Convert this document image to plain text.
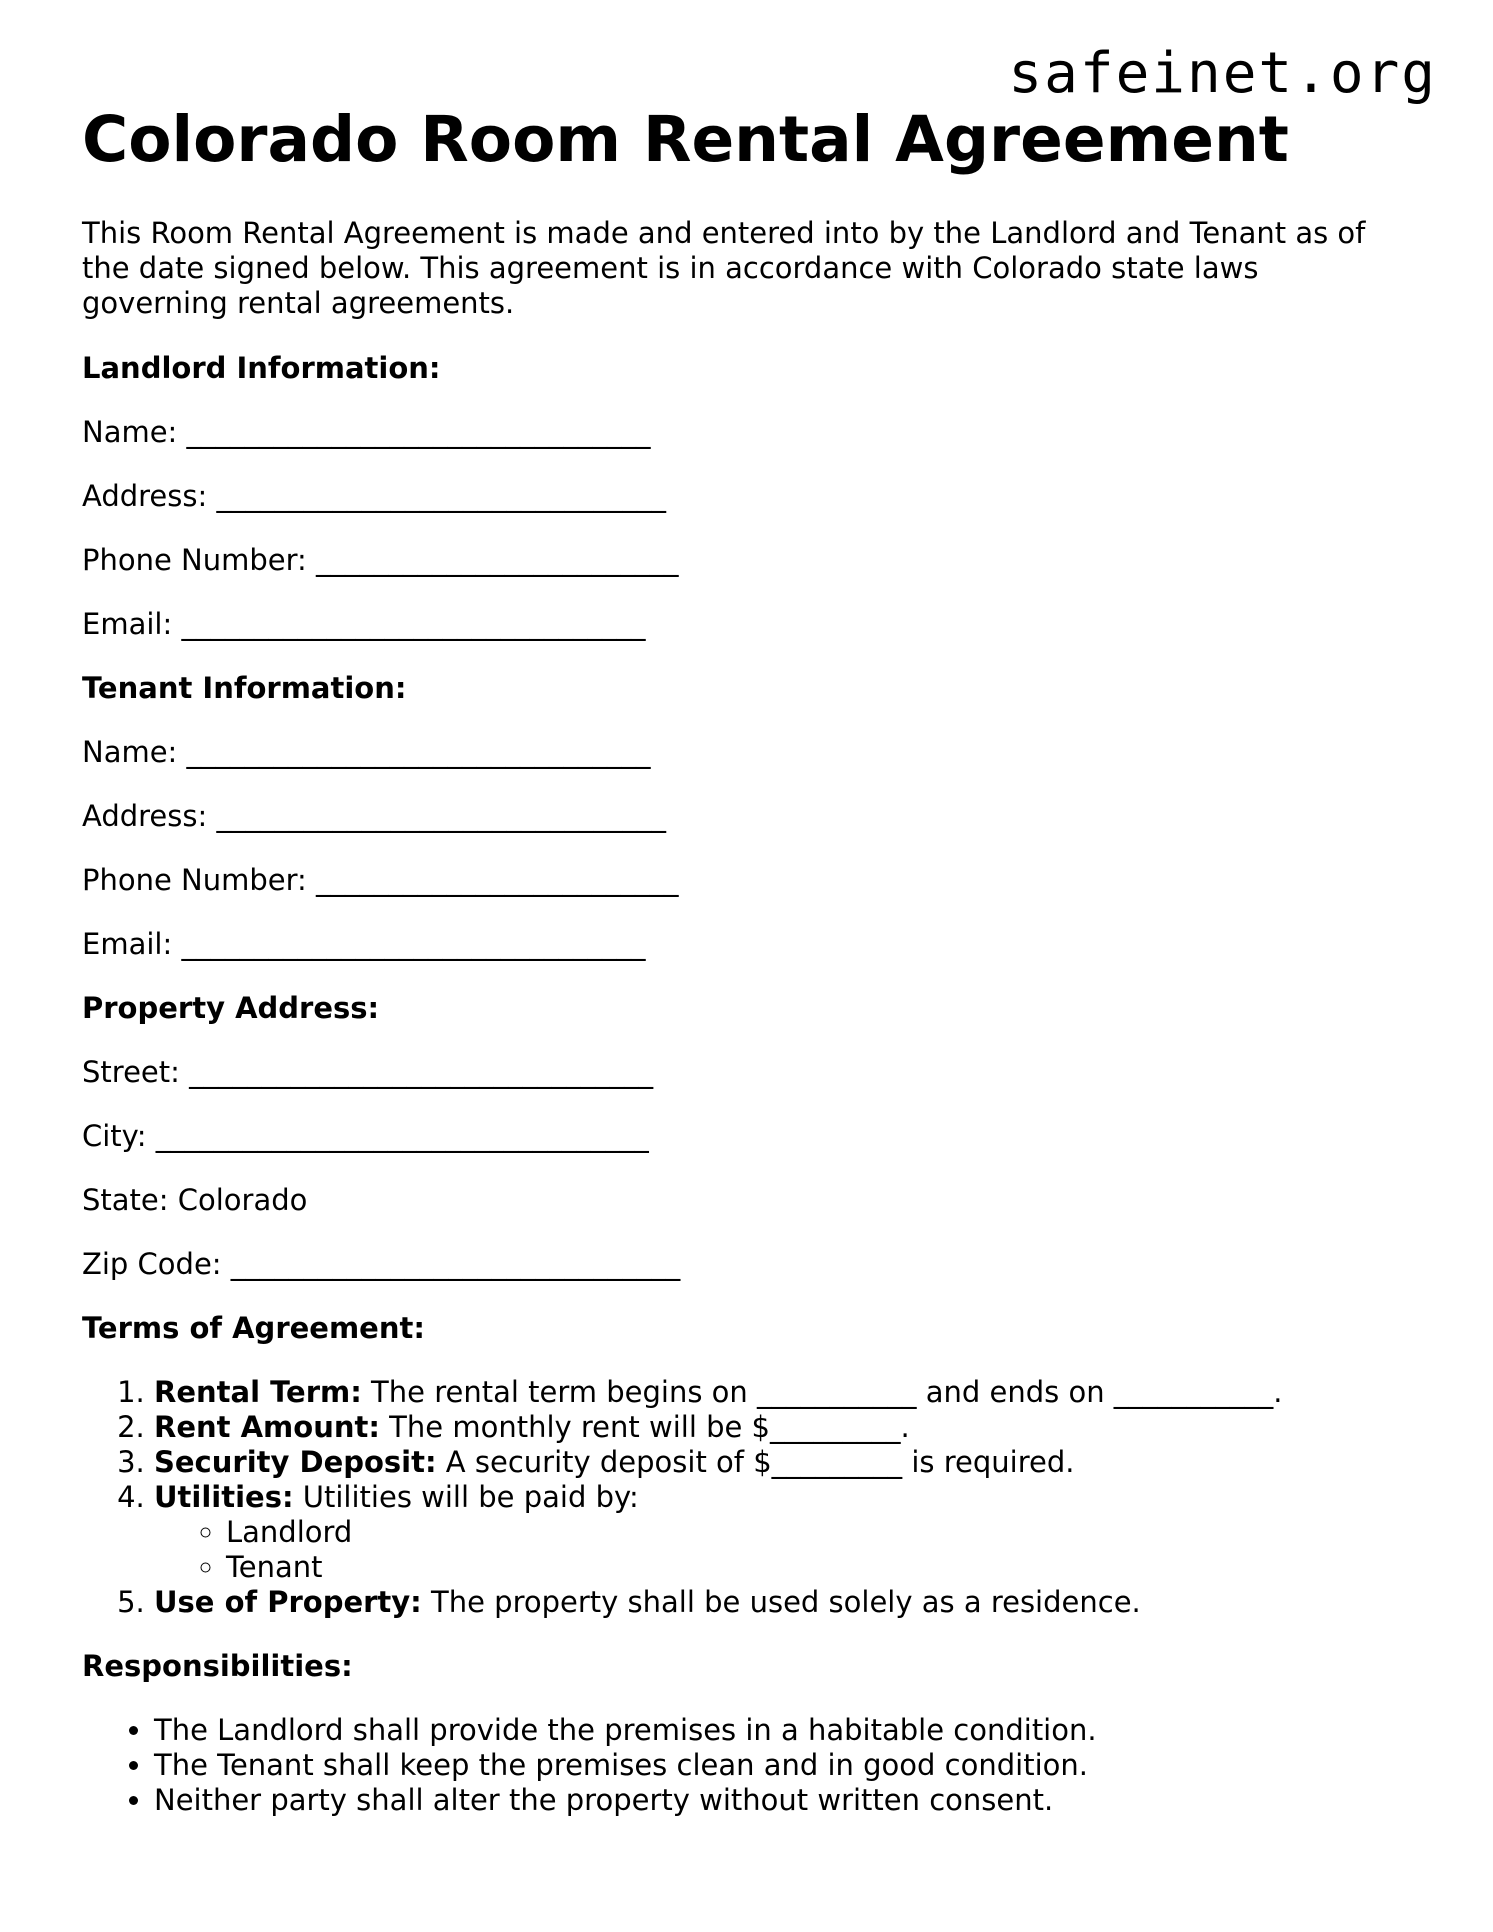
safeinet.org
Colorado Room Rental Agreement

This Room Rental Agreement is made and entered into by the Landlord and Tenant as of the date signed below. This agreement is in accordance with Colorado state laws governing rental agreements.

Landlord Information:
Name: ________________________________
Address: _______________________________
Phone Number: _________________________
Email: ________________________________
Tenant Information:
Name: ________________________________
Address: _______________________________
Phone Number: _________________________
Email: ________________________________
Property Address:
Street: ________________________________
City: __________________________________
State: Colorado
Zip Code: _______________________________
Terms of Agreement:
1. Rental Term: The rental term begins on ___________ and ends on ___________.
2. Rent Amount: The monthly rent will be $_________.
3. Security Deposit: A security deposit of $_________ is required.
4. Utilities: Utilities will be paid by:
◦ Landlord
◦ Tenant
5. Use of Property: The property shall be used solely as a residence.
Responsibilities:
• The Landlord shall provide the premises in a habitable condition.
• The Tenant shall keep the premises clean and in good condition.
• Neither party shall alter the property without written consent.
